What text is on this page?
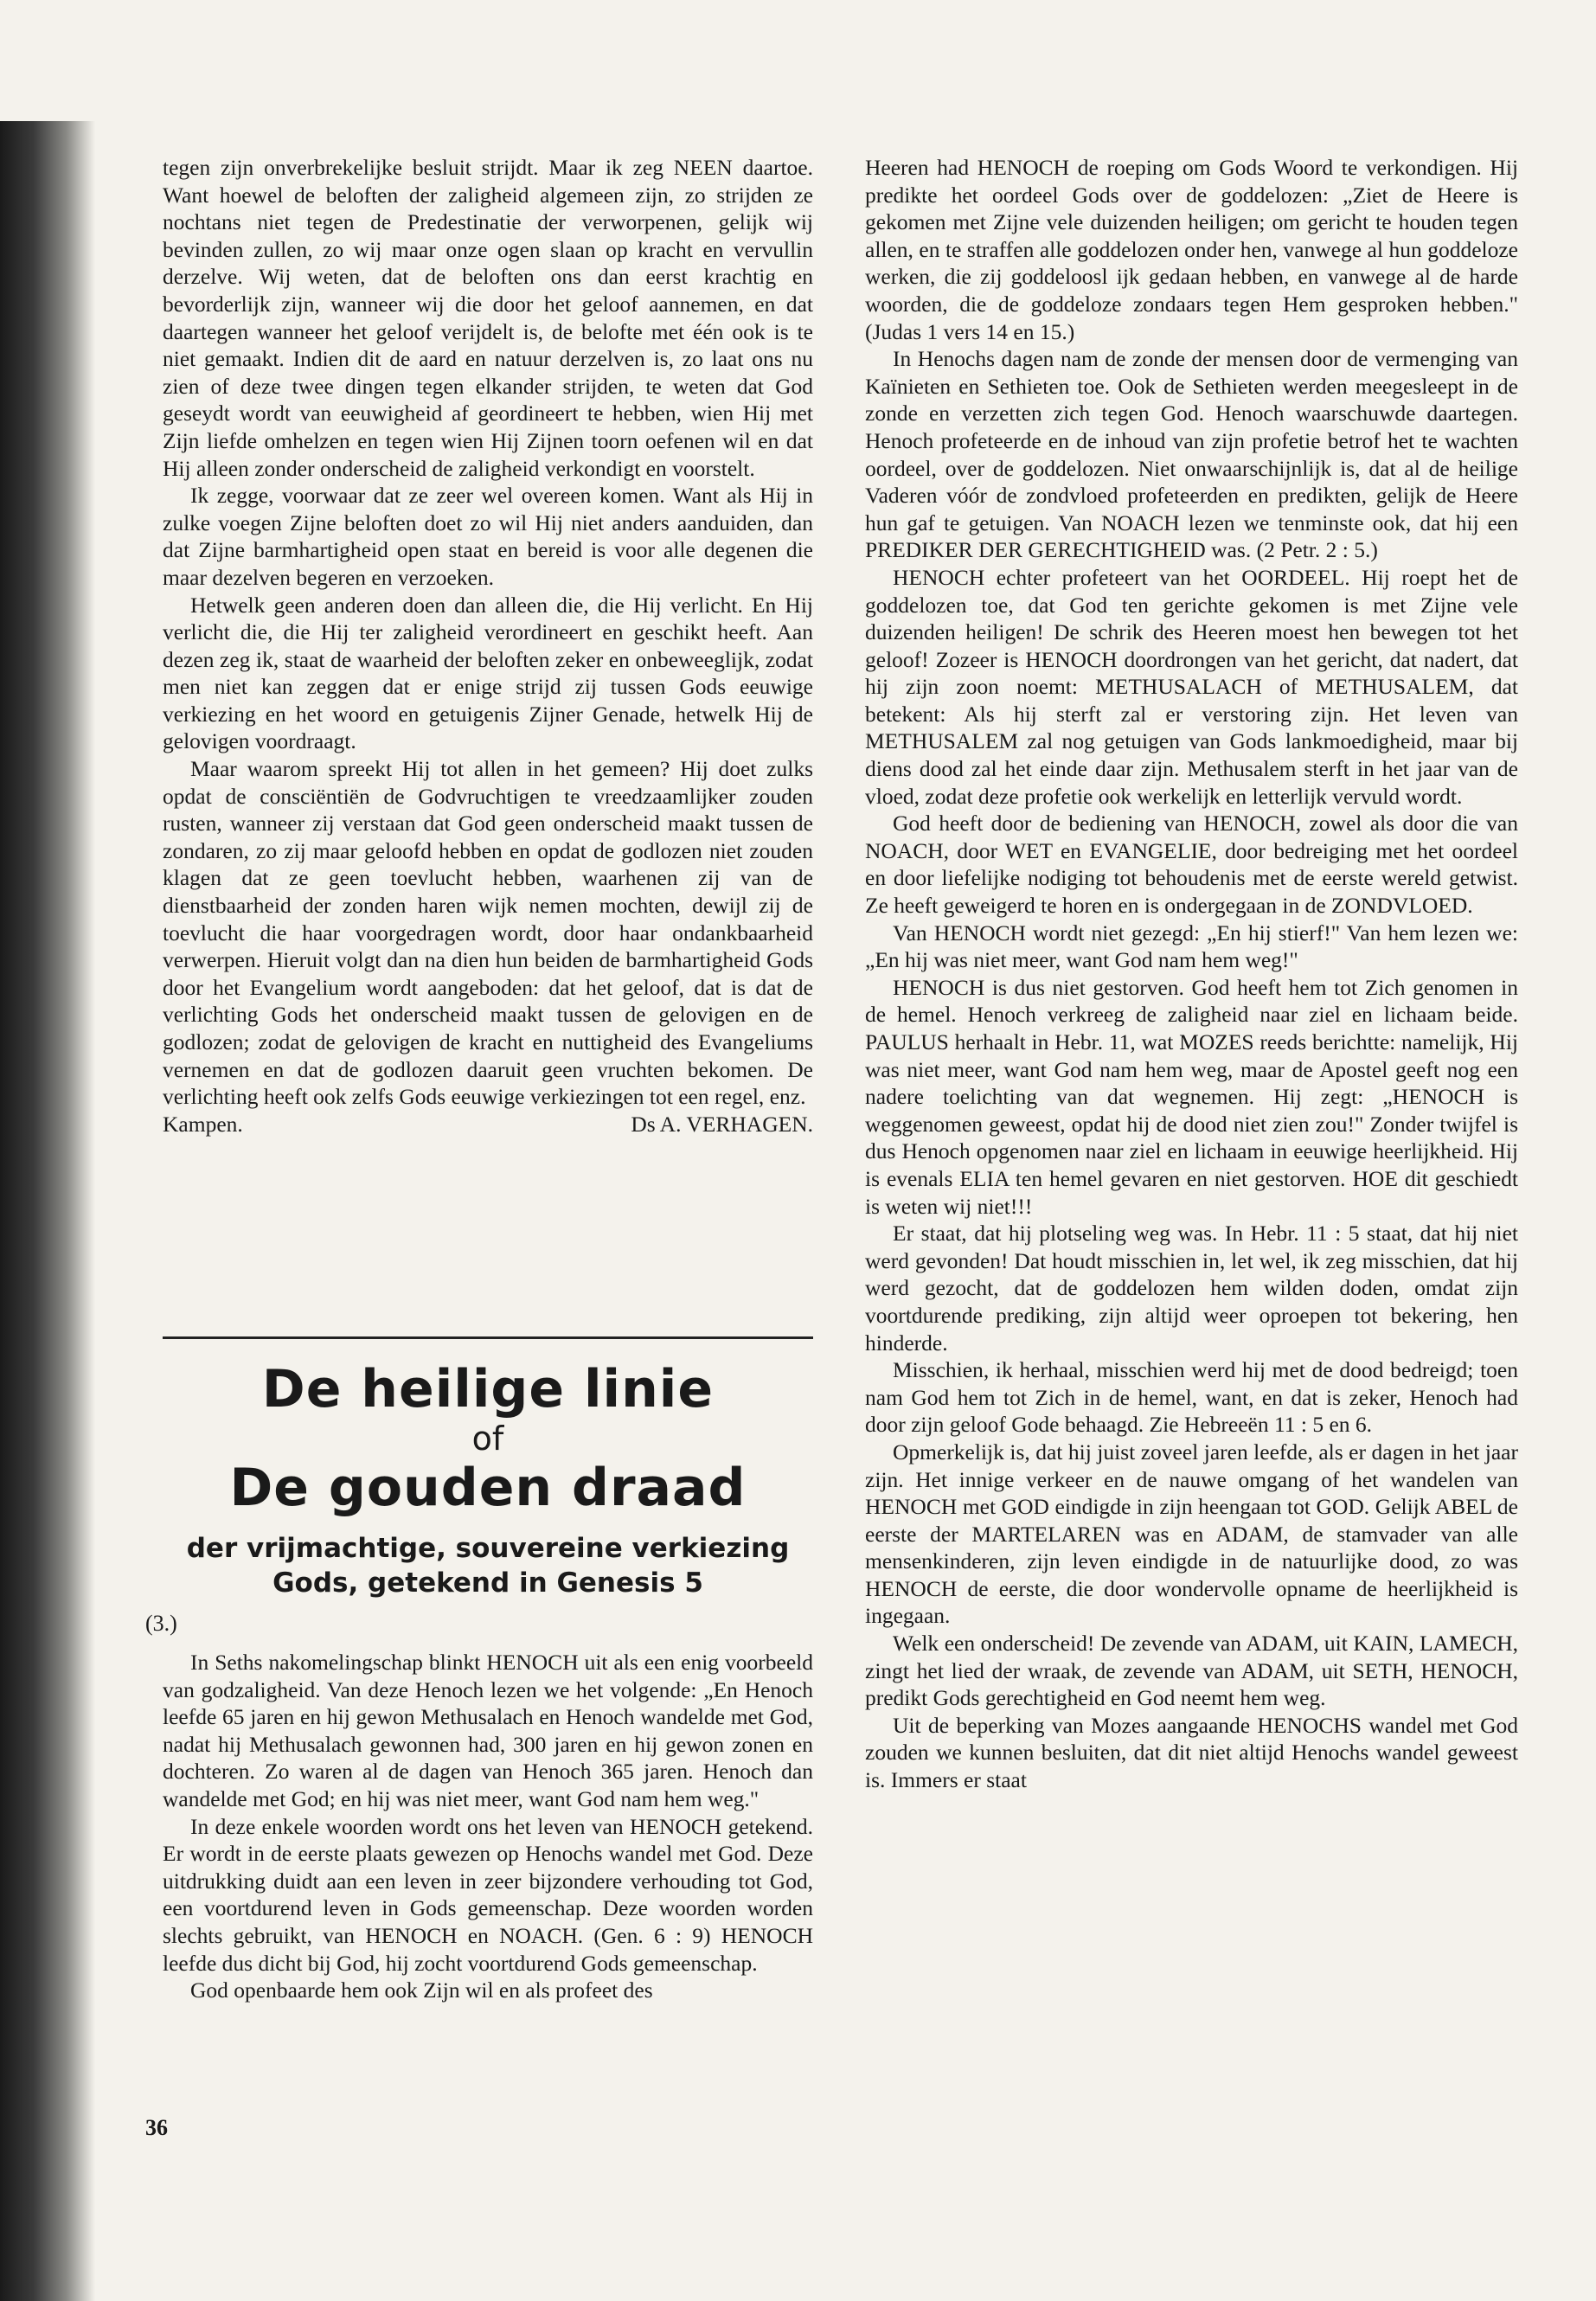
tegen zijn onverbrekelijke besluit strijdt. Maar ik zeg NEEN daartoe. Want hoewel de beloften der zaligheid algemeen zijn, zo strijden ze nochtans niet tegen de Predestinatie der verworpenen, gelijk wij bevinden zullen, zo wij maar onze ogen slaan op kracht en vervullin derzelve. Wij weten, dat de beloften ons dan eerst krachtig en bevorderlijk zijn, wanneer wij die door het geloof aannemen, en dat daartegen wanneer het geloof verijdelt is, de belofte met één ook is te niet gemaakt. Indien dit de aard en natuur derzelven is, zo laat ons nu zien of deze twee dingen tegen elkander strijden, te weten dat God geseydt wordt van eeuwigheid af geordineert te hebben, wien Hij met Zijn liefde omhelzen en tegen wien Hij Zijnen toorn oefenen wil en dat Hij alleen zonder onderscheid de zaligheid verkondigt en voorstelt.

Ik zegge, voorwaar dat ze zeer wel overeen komen. Want als Hij in zulke voegen Zijne beloften doet zo wil Hij niet anders aanduiden, dan dat Zijne barmhartigheid open staat en bereid is voor alle degenen die maar dezelven begeren en verzoeken.

Hetwelk geen anderen doen dan alleen die, die Hij verlicht. En Hij verlicht die, die Hij ter zaligheid verordineert en geschikt heeft. Aan dezen zeg ik, staat de waarheid der beloften zeker en onbeweeglijk, zodat men niet kan zeggen dat er enige strijd zij tussen Gods eeuwige verkiezing en het woord en getuigenis Zijner Genade, hetwelk Hij de gelovigen voordraagt.

Maar waarom spreekt Hij tot allen in het gemeen? Hij doet zulks opdat de consciëntiën de Godvruchtigen te vreedzaamlijker zouden rusten, wanneer zij verstaan dat God geen onderscheid maakt tussen de zondaren, zo zij maar geloofd hebben en opdat de godlozen niet zouden klagen dat ze geen toevlucht hebben, waarhenen zij van de dienstbaarheid der zonden haren wijk nemen mochten, dewijl zij de toevlucht die haar voorgedragen wordt, door haar ondankbaarheid verwerpen. Hieruit volgt dan na dien hun beiden de barmhartigheid Gods door het Evangelium wordt aangeboden: dat het geloof, dat is dat de verlichting Gods het onderscheid maakt tussen de gelovigen en de godlozen; zodat de gelovigen de kracht en nuttigheid des Evangeliums vernemen en dat de godlozen daaruit geen vruchten bekomen. De verlichting heeft ook zelfs Gods eeuwige verkiezingen tot een regel, enz.

Kampen.	Ds A. VERHAGEN.

De heilige linie
of
De gouden draad
der vrijmachtige, souvereine verkiezing
Gods, getekend in Genesis 5
(3.)

In Seths nakomelingschap blinkt HENOCH uit als een enig voorbeeld van godzaligheid. Van deze Henoch lezen we het volgende: „En Henoch leefde 65 jaren en hij gewon Methusalach en Henoch wandelde met God, nadat hij Methusalach gewonnen had, 300 jaren en hij gewon zonen en dochteren. Zo waren al de dagen van Henoch 365 jaren. Henoch dan wandelde met God; en hij was niet meer, want God nam hem weg."

In deze enkele woorden wordt ons het leven van HENOCH getekend. Er wordt in de eerste plaats gewezen op Henochs wandel met God. Deze uitdrukking duidt aan een leven in zeer bijzondere verhouding tot God, een voortdurend leven in Gods gemeenschap. Deze woorden worden slechts gebruikt, van HENOCH en NOACH. (Gen. 6 : 9) HENOCH leefde dus dicht bij God, hij zocht voortdurend Gods gemeenschap.

God openbaarde hem ook Zijn wil en als profeet des

Heeren had HENOCH de roeping om Gods Woord te verkondigen. Hij predikte het oordeel Gods over de goddelozen: „Ziet de Heere is gekomen met Zijne vele duizenden heiligen; om gericht te houden tegen allen, en te straffen alle goddelozen onder hen, vanwege al hun goddeloze werken, die zij goddeloosl ijk gedaan hebben, en vanwege al de harde woorden, die de goddeloze zondaars tegen Hem gesproken hebben." (Judas 1 vers 14 en 15.)

In Henochs dagen nam de zonde der mensen door de vermenging van Kaïnieten en Sethieten toe. Ook de Sethieten werden meegesleept in de zonde en verzetten zich tegen God. Henoch waarschuwde daartegen. Henoch profeteerde en de inhoud van zijn profetie betrof het te wachten oordeel, over de goddelozen. Niet onwaarschijnlijk is, dat al de heilige Vaderen vóór de zondvloed profeteerden en predikten, gelijk de Heere hun gaf te getuigen. Van NOACH lezen we tenminste ook, dat hij een PREDIKER DER GERECHTIGHEID was. (2 Petr. 2 : 5.)

HENOCH echter profeteert van het OORDEEL. Hij roept het de goddelozen toe, dat God ten gerichte gekomen is met Zijne vele duizenden heiligen! De schrik des Heeren moest hen bewegen tot het geloof! Zozeer is HENOCH doordrongen van het gericht, dat nadert, dat hij zijn zoon noemt: METHUSALACH of METHUSALEM, dat betekent: Als hij sterft zal er verstoring zijn. Het leven van METHUSALEM zal nog getuigen van Gods lankmoedigheid, maar bij diens dood zal het einde daar zijn. Methusalem sterft in het jaar van de vloed, zodat deze profetie ook werkelijk en letterlijk vervuld wordt.

God heeft door de bediening van HENOCH, zowel als door die van NOACH, door WET en EVANGELIE, door bedreiging met het oordeel en door liefelijke nodiging tot behoudenis met de eerste wereld getwist. Ze heeft geweigerd te horen en is ondergegaan in de ZONDVLOED.

Van HENOCH wordt niet gezegd: „En hij stierf!" Van hem lezen we: „En hij was niet meer, want God nam hem weg!"

HENOCH is dus niet gestorven. God heeft hem tot Zich genomen in de hemel. Henoch verkreeg de zaligheid naar ziel en lichaam beide. PAULUS herhaalt in Hebr. 11, wat MOZES reeds berichtte: namelijk, Hij was niet meer, want God nam hem weg, maar de Apostel geeft nog een nadere toelichting van dat wegnemen. Hij zegt: „HENOCH is weggenomen geweest, opdat hij de dood niet zien zou!" Zonder twijfel is dus Henoch opgenomen naar ziel en lichaam in eeuwige heerlijkheid. Hij is evenals ELIA ten hemel gevaren en niet gestorven. HOE dit geschiedt is weten wij niet!!!

Er staat, dat hij plotseling weg was. In Hebr. 11 : 5 staat, dat hij niet werd gevonden! Dat houdt misschien in, let wel, ik zeg misschien, dat hij werd gezocht, dat de goddelozen hem wilden doden, omdat zijn voortdurende prediking, zijn altijd weer oproepen tot bekering, hen hinderde.

Misschien, ik herhaal, misschien werd hij met de dood bedreigd; toen nam God hem tot Zich in de hemel, want, en dat is zeker, Henoch had door zijn geloof Gode behaagd. Zie Hebreeën 11 : 5 en 6.

Opmerkelijk is, dat hij juist zoveel jaren leefde, als er dagen in het jaar zijn. Het innige verkeer en de nauwe omgang of het wandelen van HENOCH met GOD eindigde in zijn heengaan tot GOD. Gelijk ABEL de eerste der MARTELAREN was en ADAM, de stamvader van alle mensenkinderen, zijn leven eindigde in de natuurlijke dood, zo was HENOCH de eerste, die door wondervolle opname de heerlijkheid is ingegaan.

Welk een onderscheid! De zevende van ADAM, uit KAIN, LAMECH, zingt het lied der wraak, de zevende van ADAM, uit SETH, HENOCH, predikt Gods gerechtigheid en God neemt hem weg.

Uit de beperking van Mozes aangaande HENOCHS wandel met God zouden we kunnen besluiten, dat dit niet altijd Henochs wandel geweest is. Immers er staat

36
